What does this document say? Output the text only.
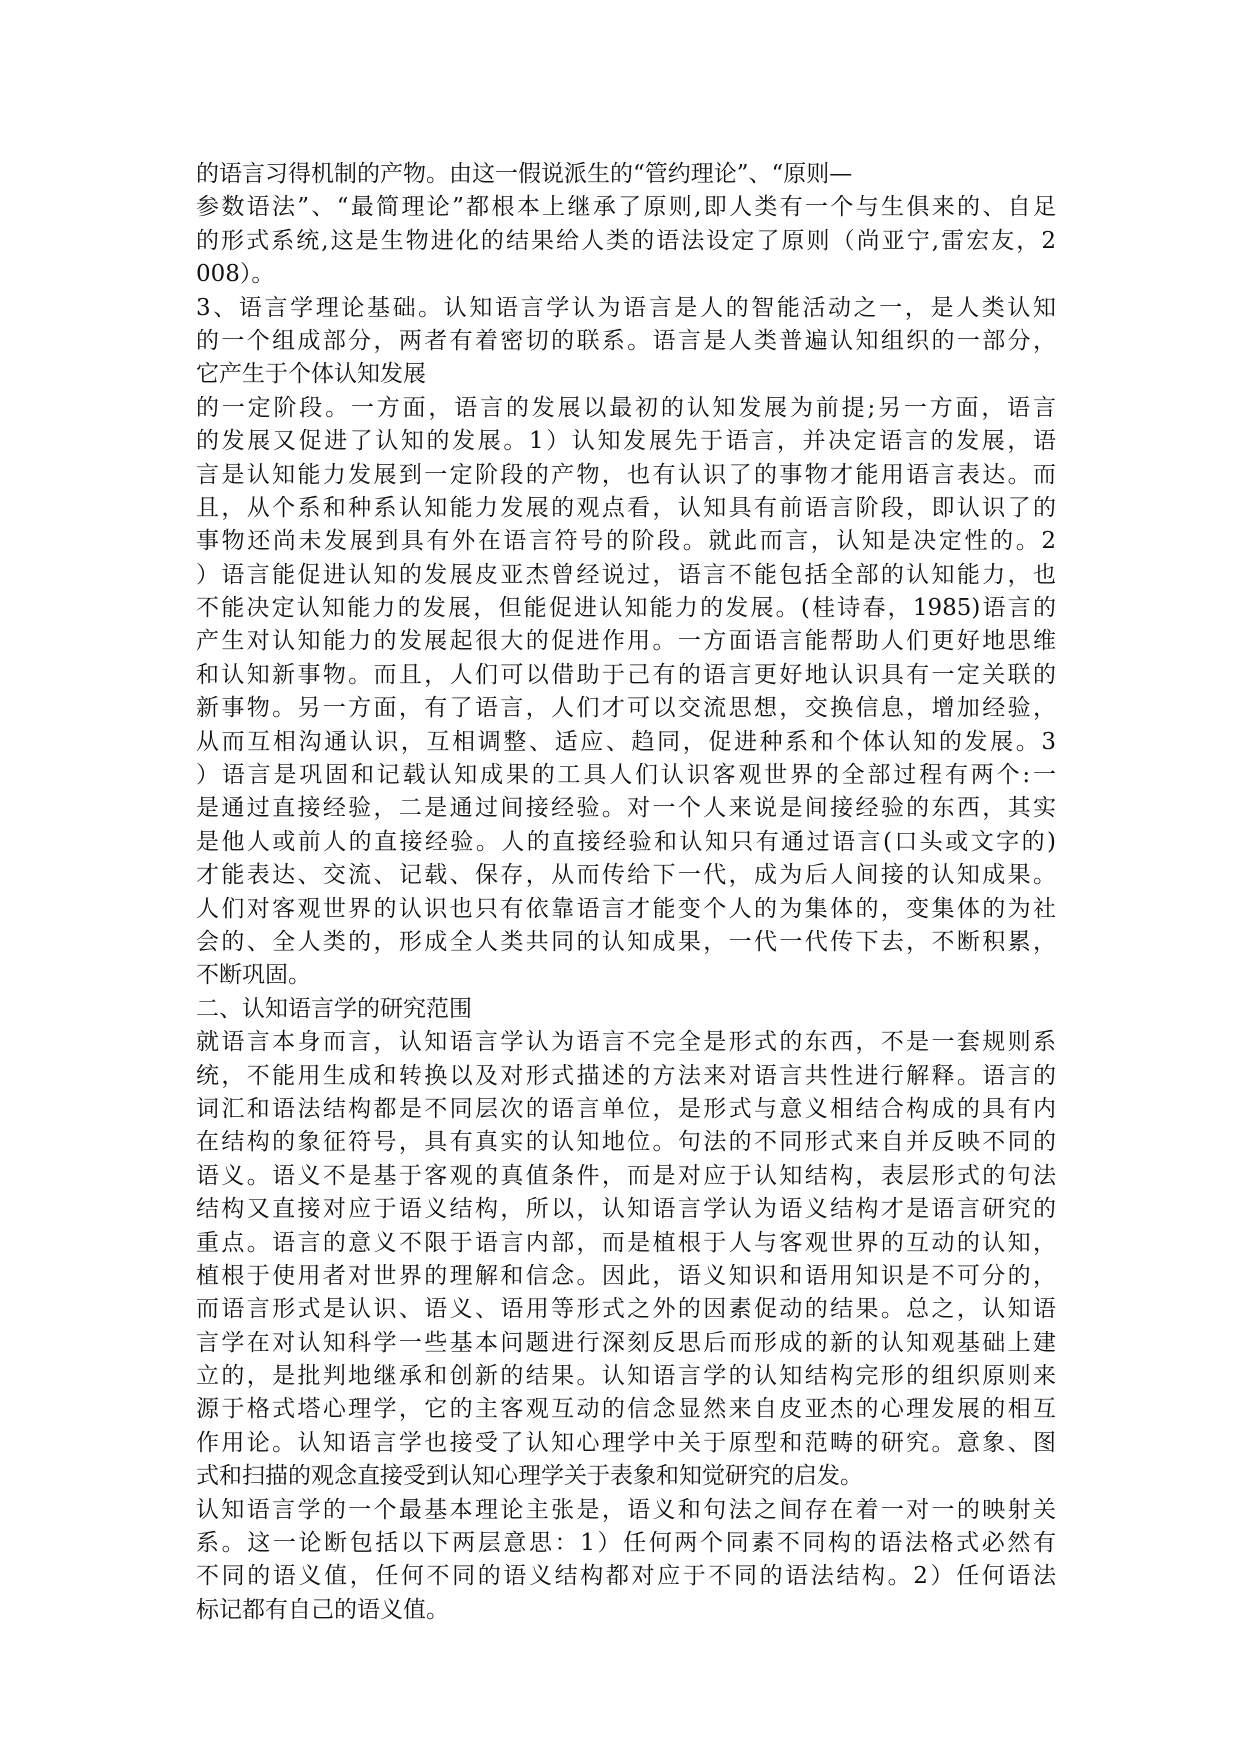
的语言习得机制的产物。由这一假说派生的“管约理论”、“原则—
参数语法”、“最简理论”都根本上继承了原则,即人类有一个与生俱来的、自足
的形式系统,这是生物进化的结果给人类的语法设定了原则（尚亚宁,雷宏友，2
008）。
3、语言学理论基础。认知语言学认为语言是人的智能活动之一，是人类认知
的一个组成部分，两者有着密切的联系。语言是人类普遍认知组织的一部分，
它产生于个体认知发展
的一定阶段。一方面，语言的发展以最初的认知发展为前提;另一方面，语言
的发展又促进了认知的发展。1）认知发展先于语言，并决定语言的发展，语
言是认知能力发展到一定阶段的产物，也有认识了的事物才能用语言表达。而
且，从个系和种系认知能力发展的观点看，认知具有前语言阶段，即认识了的
事物还尚未发展到具有外在语言符号的阶段。就此而言，认知是决定性的。2
）语言能促进认知的发展皮亚杰曾经说过，语言不能包括全部的认知能力，也
不能决定认知能力的发展，但能促进认知能力的发展。(桂诗春，1985)语言的
产生对认知能力的发展起很大的促进作用。一方面语言能帮助人们更好地思维
和认知新事物。而且，人们可以借助于己有的语言更好地认识具有一定关联的
新事物。另一方面，有了语言，人们才可以交流思想，交换信息，增加经验，
从而互相沟通认识，互相调整、适应、趋同，促进种系和个体认知的发展。3
）语言是巩固和记载认知成果的工具人们认识客观世界的全部过程有两个:一
是通过直接经验，二是通过间接经验。对一个人来说是间接经验的东西，其实
是他人或前人的直接经验。人的直接经验和认知只有通过语言(口头或文字的)
才能表达、交流、记载、保存，从而传给下一代，成为后人间接的认知成果。
人们对客观世界的认识也只有依靠语言才能变个人的为集体的，变集体的为社
会的、全人类的，形成全人类共同的认知成果，一代一代传下去，不断积累，
不断巩固。
二、认知语言学的研究范围
就语言本身而言，认知语言学认为语言不完全是形式的东西，不是一套规则系
统，不能用生成和转换以及对形式描述的方法来对语言共性进行解释。语言的
词汇和语法结构都是不同层次的语言单位，是形式与意义相结合构成的具有内
在结构的象征符号，具有真实的认知地位。句法的不同形式来自并反映不同的
语义。语义不是基于客观的真值条件，而是对应于认知结构，表层形式的句法
结构又直接对应于语义结构，所以，认知语言学认为语义结构才是语言研究的
重点。语言的意义不限于语言内部，而是植根于人与客观世界的互动的认知，
植根于使用者对世界的理解和信念。因此，语义知识和语用知识是不可分的，
而语言形式是认识、语义、语用等形式之外的因素促动的结果。总之，认知语
言学在对认知科学一些基本问题进行深刻反思后而形成的新的认知观基础上建
立的，是批判地继承和创新的结果。认知语言学的认知结构完形的组织原则来
源于格式塔心理学，它的主客观互动的信念显然来自皮亚杰的心理发展的相互
作用论。认知语言学也接受了认知心理学中关于原型和范畴的研究。意象、图
式和扫描的观念直接受到认知心理学关于表象和知觉研究的启发。
认知语言学的一个最基本理论主张是，语义和句法之间存在着一对一的映射关
系。这一论断包括以下两层意思：1）任何两个同素不同构的语法格式必然有
不同的语义值，任何不同的语义结构都对应于不同的语法结构。2）任何语法
标记都有自己的语义值。
